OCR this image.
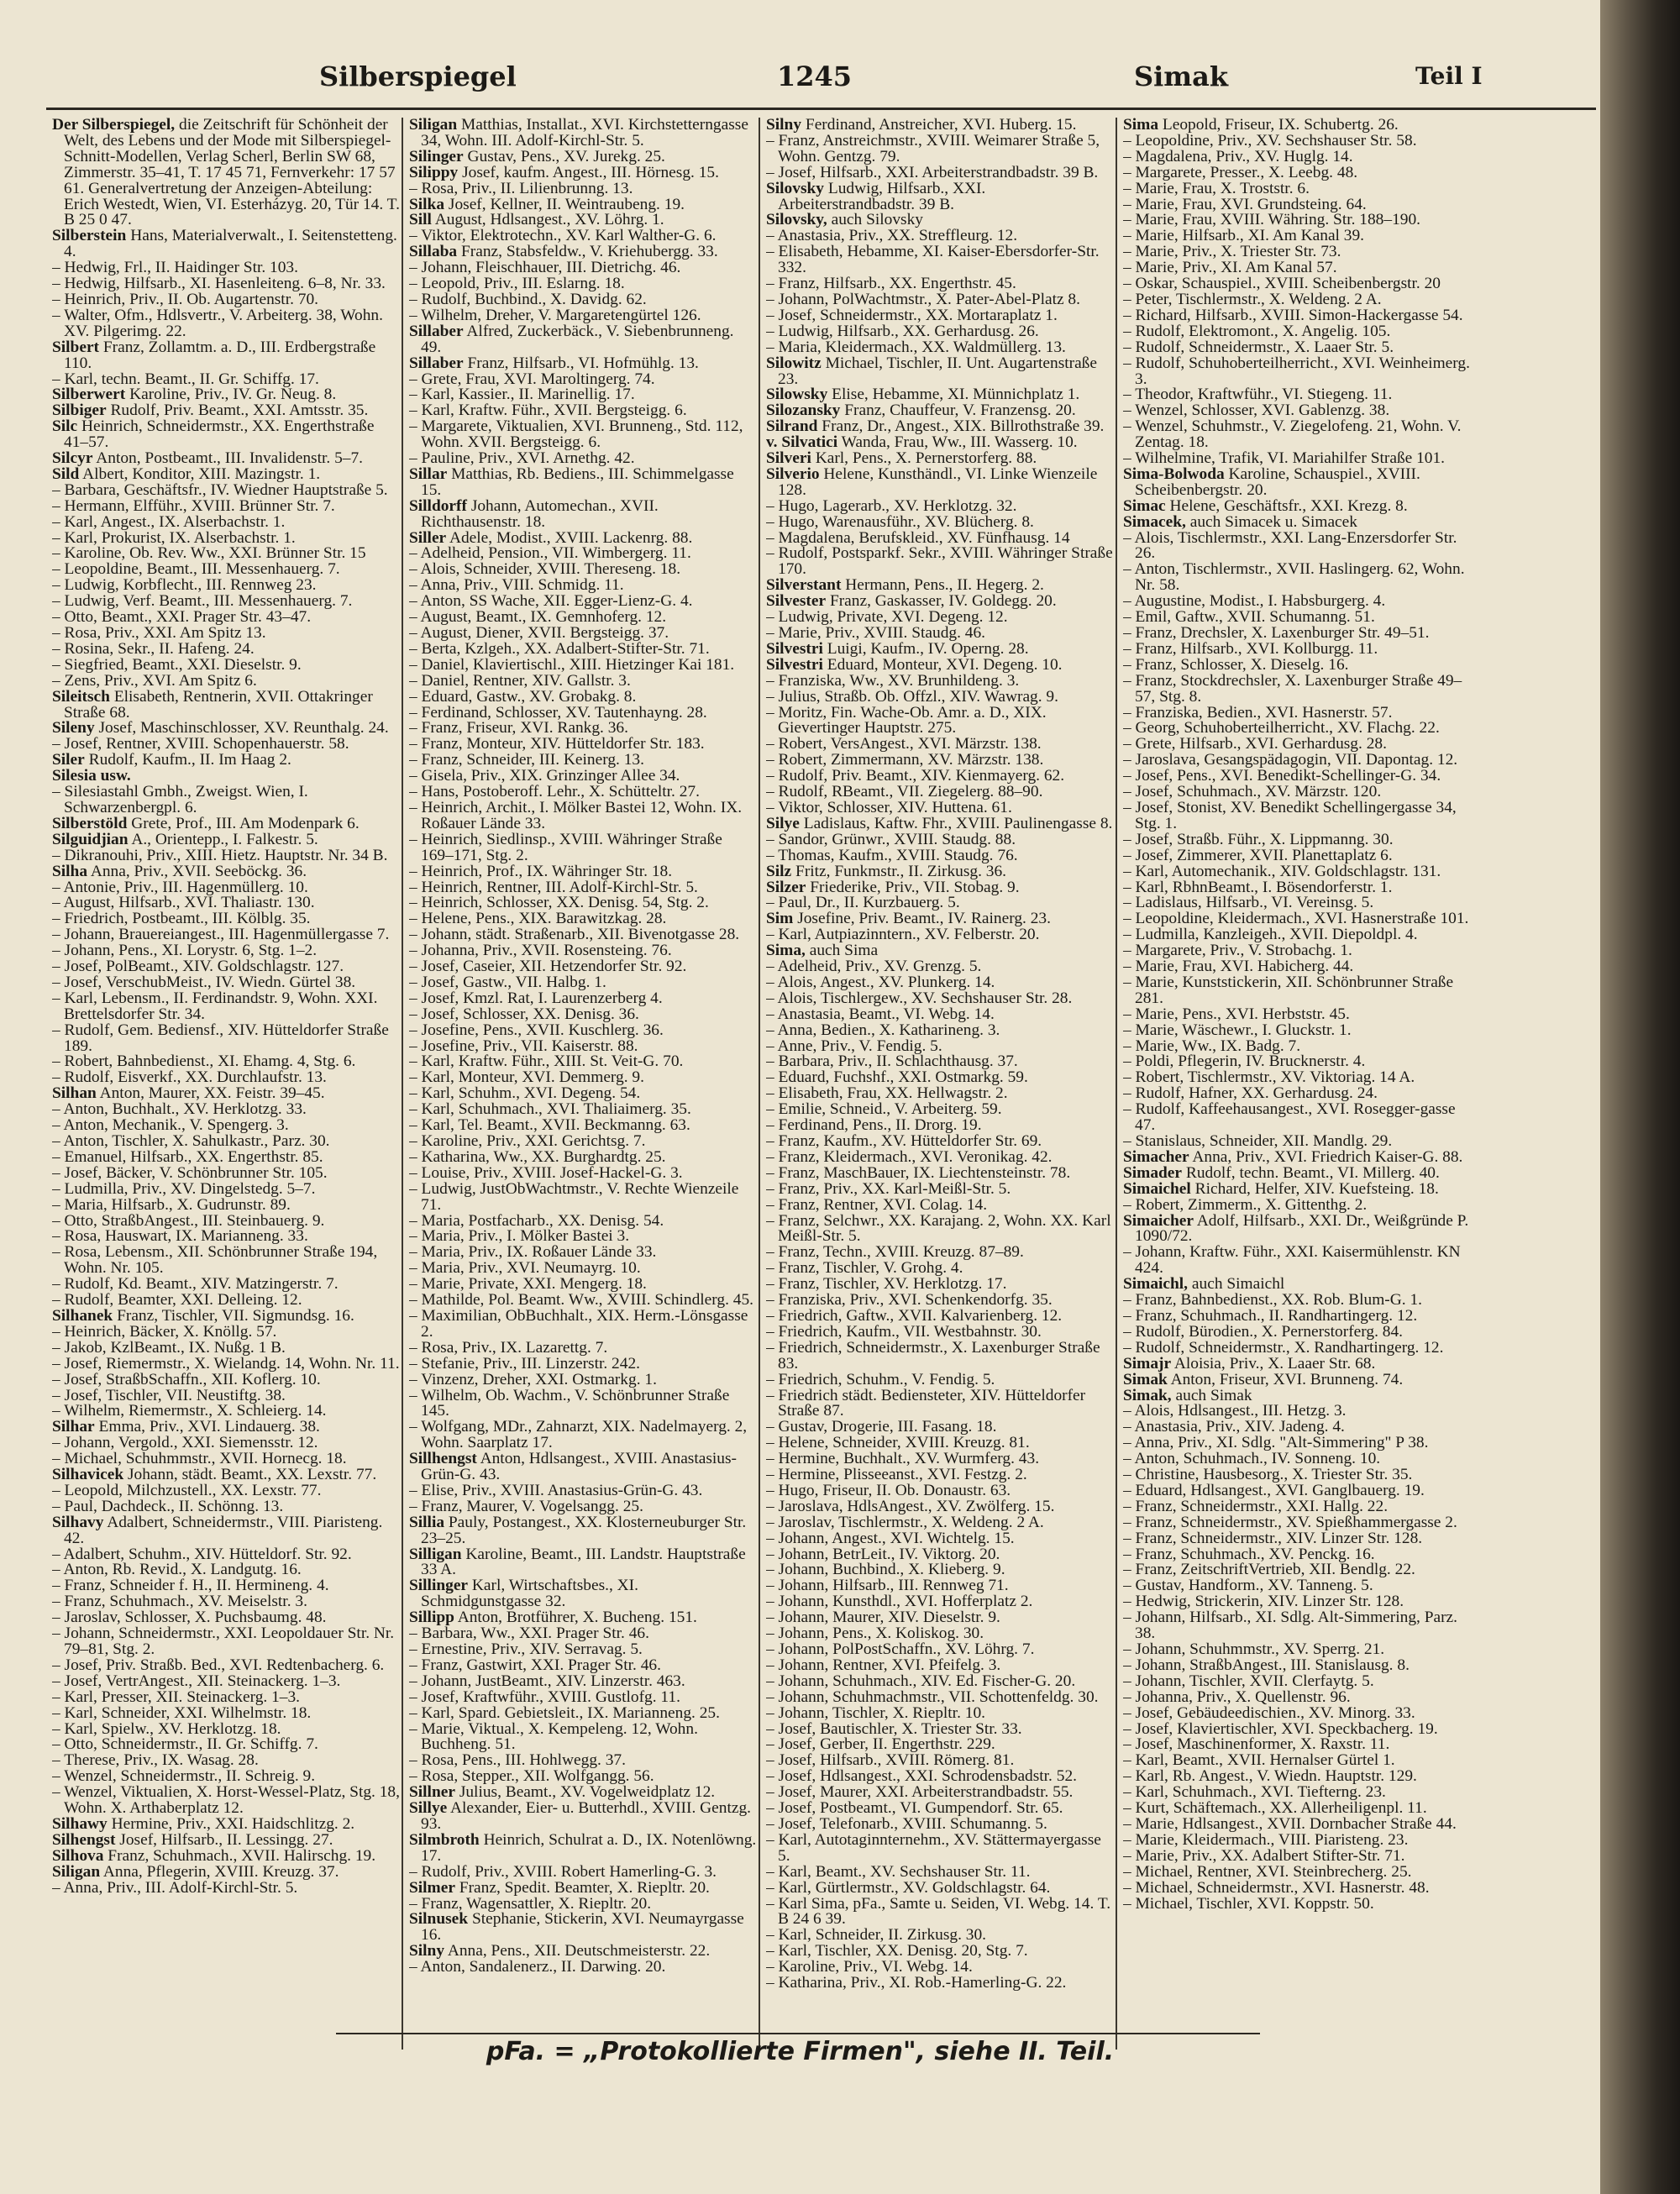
Silberspiegel	1245	Simak	Teil I
Der Silberspiegel, die Zeitschrift für Schönheit der Welt, des Lebens und der Mode mit Silberspiegel-Schnitt-Modellen, Verlag Scherl, Berlin SW 68, Zimmerstr. 35–41, T. 17 45 71, Fernverkehr: 17 57 61. Generalvertretung der Anzeigen-Abteilung: Erich Westedt, Wien, VI. Esterházyg. 20, Tür 14. T. B 25 0 47.
Silberstein Hans, Materialverwalt., I. Seitenstetteng. 4.
– Hedwig, Frl., II. Haidinger Str. 103.
– Hedwig, Hilfsarb., XI. Hasenleiteng. 6–8, Nr. 33.
– Heinrich, Priv., II. Ob. Augartenstr. 70.
– Walter, Ofm., Hdlsvertr., V. Arbeiterg. 38, Wohn. XV. Pilgerimg. 22.
Silbert Franz, Zollamtm. a. D., III. Erdbergstraße 110.
– Karl, techn. Beamt., II. Gr. Schiffg. 17.
Silberwert Karoline, Priv., IV. Gr. Neug. 8.
Silbiger Rudolf, Priv. Beamt., XXI. Amtsstr. 35.
Silc Heinrich, Schneidermstr., XX. Engerthstraße 41–57.
Silcyr Anton, Postbeamt., III. Invalidenstr. 5–7.
Sild Albert, Konditor, XIII. Mazingstr. 1.
– Barbara, Geschäftsfr., IV. Wiedner Hauptstraße 5.
– Hermann, Elfführ., XVIII. Brünner Str. 7.
– Karl, Angest., IX. Alserbachstr. 1.
– Karl, Prokurist, IX. Alserbachstr. 1.
– Karoline, Ob. Rev. Ww., XXI. Brünner Str. 15
– Leopoldine, Beamt., III. Messenhauerg. 7.
– Ludwig, Korbflecht., III. Rennweg 23.
– Ludwig, Verf. Beamt., III. Messenhauerg. 7.
– Otto, Beamt., XXI. Prager Str. 43–47.
– Rosa, Priv., XXI. Am Spitz 13.
– Rosina, Sekr., II. Hafeng. 24.
– Siegfried, Beamt., XXI. Dieselstr. 9.
– Zens, Priv., XVI. Am Spitz 6.
Sileitsch Elisabeth, Rentnerin, XVII. Ottakringer Straße 68.
Sileny Josef, Maschinschlosser, XV. Reunthalg. 24.
– Josef, Rentner, XVIII. Schopenhauerstr. 58.
Siler Rudolf, Kaufm., II. Im Haag 2.
Silesia usw.
– Silesiastahl Gmbh., Zweigst. Wien, I. Schwarzenbergpl. 6.
Silberstöld Grete, Prof., III. Am Modenpark 6.
Silguidjian A., Orientepp., I. Falkestr. 5.
– Dikranouhi, Priv., XIII. Hietz. Hauptstr. Nr. 34 B.
Silha Anna, Priv., XVII. Seeböckg. 36.
– Antonie, Priv., III. Hagenmüllerg. 10.
– August, Hilfsarb., XVI. Thaliastr. 130.
– Friedrich, Postbeamt., III. Kölblg. 35.
– Johann, Brauereiangest., III. Hagenmüllergasse 7.
– Johann, Pens., XI. Lorystr. 6, Stg. 1–2.
– Josef, PolBeamt., XIV. Goldschlagstr. 127.
– Josef, VerschubMeist., IV. Wiedn. Gürtel 38.
– Karl, Lebensm., II. Ferdinandstr. 9, Wohn. XXI. Brettelsdorfer Str. 34.
– Rudolf, Gem. Bediensf., XIV. Hütteldorfer Straße 189.
– Robert, Bahnbedienst., XI. Ehamg. 4, Stg. 6.
– Rudolf, Eisverkf., XX. Durchlaufstr. 13.
Silhan Anton, Maurer, XX. Feistr. 39–45.
– Anton, Buchhalt., XV. Herklotzg. 33.
– Anton, Mechanik., V. Spengerg. 3.
– Anton, Tischler, X. Sahulkastr., Parz. 30.
– Emanuel, Hilfsarb., XX. Engerthstr. 85.
– Josef, Bäcker, V. Schönbrunner Str. 105.
– Ludmilla, Priv., XV. Dingelstedg. 5–7.
– Maria, Hilfsarb., X. Gudrunstr. 89.
– Otto, StraßbAngest., III. Steinbauerg. 9.
– Rosa, Hauswart, IX. Marianneng. 33.
– Rosa, Lebensm., XII. Schönbrunner Straße 194, Wohn. Nr. 105.
– Rudolf, Kd. Beamt., XIV. Matzingerstr. 7.
– Rudolf, Beamter, XXI. Delleing. 12.
Silhanek Franz, Tischler, VII. Sigmundsg. 16.
– Heinrich, Bäcker, X. Knöllg. 57.
– Jakob, KzlBeamt., IX. Nußg. 1 B.
– Josef, Riemermstr., X. Wielandg. 14, Wohn. Nr. 11.
– Josef, StraßbSchaffn., XII. Koflerg. 10.
– Josef, Tischler, VII. Neustiftg. 38.
– Wilhelm, Riemermstr., X. Schleierg. 14.
Silhar Emma, Priv., XVI. Lindauerg. 38.
– Johann, Vergold., XXI. Siemensstr. 12.
– Michael, Schuhmmstr., XVII. Hornecg. 18.
Silhavicek Johann, städt. Beamt., XX. Lexstr. 77.
– Leopold, Milchzustell., XX. Lexstr. 77.
– Paul, Dachdeck., II. Schönng. 13.
Silhavy Adalbert, Schneidermstr., VIII. Piaristeng. 42.
– Adalbert, Schuhm., XIV. Hütteldorf. Str. 92.
– Anton, Rb. Revid., X. Landgutg. 16.
– Franz, Schneider f. H., II. Hermineng. 4.
– Franz, Schuhmach., XV. Meiselstr. 3.
– Jaroslav, Schlosser, X. Puchsbaumg. 48.
– Johann, Schneidermstr., XXI. Leopoldauer Str. Nr. 79–81, Stg. 2.
– Josef, Priv. Straßb. Bed., XVI. Redtenbacherg. 6.
– Josef, VertrAngest., XII. Steinackerg. 1–3.
– Karl, Presser, XII. Steinackerg. 1–3.
– Karl, Schneider, XXI. Wilhelmstr. 18.
– Karl, Spielw., XV. Herklotzg. 18.
– Otto, Schneidermstr., II. Gr. Schiffg. 7.
– Therese, Priv., IX. Wasag. 28.
– Wenzel, Schneidermstr., II. Schreig. 9.
– Wenzel, Viktualien, X. Horst-Wessel-Platz, Stg. 18, Wohn. X. Arthaberplatz 12.
Silhawy Hermine, Priv., XXI. Haidschlitzg. 2.
Silhengst Josef, Hilfsarb., II. Lessingg. 27.
Silhova Franz, Schuhmach., XVII. Halirschg. 19.
Siligan Anna, Pflegerin, XVIII. Kreuzg. 37.
– Anna, Priv., III. Adolf-Kirchl-Str. 5.
Siligan Matthias, Installat., XVI. Kirchstetterngasse 34, Wohn. III. Adolf-Kirchl-Str. 5.
Silinger Gustav, Pens., XV. Jurekg. 25.
Silippy Josef, kaufm. Angest., III. Hörnesg. 15.
– Rosa, Priv., II. Lilienbrunng. 13.
Silka Josef, Kellner, II. Weintraubeng. 19.
Sill August, Hdlsangest., XV. Löhrg. 1.
– Viktor, Elektrotechn., XV. Karl Walther-G. 6.
Sillaba Franz, Stabsfeldw., V. Kriehubergg. 33.
– Johann, Fleischhauer, III. Dietrichg. 46.
– Leopold, Priv., III. Eslarng. 18.
– Rudolf, Buchbind., X. Davidg. 62.
– Wilhelm, Dreher, V. Margaretengürtel 126.
Sillaber Alfred, Zuckerbäck., V. Siebenbrunneng. 49.
Sillaber Franz, Hilfsarb., VI. Hofmühlg. 13.
– Grete, Frau, XVI. Maroltingerg. 74.
– Karl, Kassier., II. Marinellig. 17.
– Karl, Kraftw. Führ., XVII. Bergsteigg. 6.
– Margarete, Viktualien, XVI. Brunneng., Std. 112, Wohn. XVII. Bergsteigg. 6.
– Pauline, Priv., XVI. Arnethg. 42.
Sillar Matthias, Rb. Bediens., III. Schimmelgasse 15.
Silldorff Johann, Automechan., XVII. Richthausenstr. 18.
Siller Adele, Modist., XVIII. Lackenrg. 88.
– Adelheid, Pension., VII. Wimbergerg. 11.
– Alois, Schneider, XVIII. Thereseng. 18.
– Anna, Priv., VIII. Schmidg. 11.
– Anton, SS Wache, XII. Egger-Lienz-G. 4.
– August, Beamt., IX. Gemnhoferg. 12.
– August, Diener, XVII. Bergsteigg. 37.
– Berta, Kzlgeh., XX. Adalbert-Stifter-Str. 71.
– Daniel, Klaviertischl., XIII. Hietzinger Kai 181.
– Daniel, Rentner, XIV. Gallstr. 3.
– Eduard, Gastw., XV. Grobakg. 8.
– Ferdinand, Schlosser, XV. Tautenhayng. 28.
– Franz, Friseur, XVI. Rankg. 36.
– Franz, Monteur, XIV. Hütteldorfer Str. 183.
– Franz, Schneider, III. Keinerg. 13.
– Gisela, Priv., XIX. Grinzinger Allee 34.
– Hans, Postoberoff. Lehr., X. Schütteltr. 27.
– Heinrich, Archit., I. Mölker Bastei 12, Wohn. IX. Roßauer Lände 33.
– Heinrich, Siedlinsp., XVIII. Währinger Straße 169–171, Stg. 2.
– Heinrich, Prof., IX. Währinger Str. 18.
– Heinrich, Rentner, III. Adolf-Kirchl-Str. 5.
– Heinrich, Schlosser, XX. Denisg. 54, Stg. 2.
– Helene, Pens., XIX. Barawitzkag. 28.
– Johann, städt. Straßenarb., XII. Bivenotgasse 28.
– Johanna, Priv., XVII. Rosensteing. 76.
– Josef, Caseier, XII. Hetzendorfer Str. 92.
– Josef, Gastw., VII. Halbg. 1.
– Josef, Kmzl. Rat, I. Laurenzerberg 4.
– Josef, Schlosser, XX. Denisg. 36.
– Josefine, Pens., XVII. Kuschlerg. 36.
– Josefine, Priv., VII. Kaiserstr. 88.
– Karl, Kraftw. Führ., XIII. St. Veit-G. 70.
– Karl, Monteur, XVI. Demmerg. 9.
– Karl, Schuhm., XVI. Degeng. 54.
– Karl, Schuhmach., XVI. Thaliaimerg. 35.
– Karl, Tel. Beamt., XVII. Beckmanng. 63.
– Karoline, Priv., XXI. Gerichtsg. 7.
– Katharina, Ww., XX. Burghardtg. 25.
– Louise, Priv., XVIII. Josef-Hackel-G. 3.
– Ludwig, JustObWachtmstr., V. Rechte Wienzeile 71.
– Maria, Postfacharb., XX. Denisg. 54.
– Maria, Priv., I. Mölker Bastei 3.
– Maria, Priv., IX. Roßauer Lände 33.
– Maria, Priv., XVI. Neumayrg. 10.
– Marie, Private, XXI. Mengerg. 18.
– Mathilde, Pol. Beamt. Ww., XVIII. Schindlerg. 45.
– Maximilian, ObBuchhalt., XIX. Herm.-Lönsgasse 2.
– Rosa, Priv., IX. Lazarettg. 7.
– Stefanie, Priv., III. Linzerstr. 242.
– Vinzenz, Dreher, XXI. Ostmarkg. 1.
– Wilhelm, Ob. Wachm., V. Schönbrunner Straße 145.
– Wolfgang, MDr., Zahnarzt, XIX. Nadelmayerg. 2, Wohn. Saarplatz 17.
Sillhengst Anton, Hdlsangest., XVIII. Anastasius-Grün-G. 43.
– Elise, Priv., XVIII. Anastasius-Grün-G. 43.
– Franz, Maurer, V. Vogelsangg. 25.
Sillia Pauly, Postangest., XX. Klosterneuburger Str. 23–25.
Silligan Karoline, Beamt., III. Landstr. Hauptstraße 33 A.
Sillinger Karl, Wirtschaftsbes., XI. Schmidgunstgasse 32.
Sillipp Anton, Brotführer, X. Bucheng. 151.
– Barbara, Ww., XXI. Prager Str. 46.
– Ernestine, Priv., XIV. Serravag. 5.
– Franz, Gastwirt, XXI. Prager Str. 46.
– Johann, JustBeamt., XIV. Linzerstr. 463.
– Josef, Kraftwführ., XVIII. Gustlofg. 11.
– Karl, Spard. Gebietsleit., IX. Marianneng. 25.
– Marie, Viktual., X. Kempeleng. 12, Wohn. Buchheng. 51.
– Rosa, Pens., III. Hohlwegg. 37.
– Rosa, Stepper., XII. Wolfgangg. 56.
Sillner Julius, Beamt., XV. Vogelweidplatz 12.
Sillye Alexander, Eier- u. Butterhdl., XVIII. Gentzg. 93.
Silmbroth Heinrich, Schulrat a. D., IX. Notenlöwng. 17.
– Rudolf, Priv., XVIII. Robert Hamerling-G. 3.
Silmer Franz, Spedit. Beamter, X. Riepltr. 20.
– Franz, Wagensattler, X. Riepltr. 20.
Silnusek Stephanie, Stickerin, XVI. Neumayrgasse 16.
Silny Anna, Pens., XII. Deutschmeisterstr. 22.
– Anton, Sandalenerz., II. Darwing. 20.
Silny Ferdinand, Anstreicher, XVI. Huberg. 15.
– Franz, Anstreichmstr., XVIII. Weimarer Straße 5, Wohn. Gentzg. 79.
– Josef, Hilfsarb., XXI. Arbeiterstrandbadstr. 39 B.
Silovsky Ludwig, Hilfsarb., XXI. Arbeiterstrandbadstr. 39 B.
Silovsky, auch Silovsky
– Anastasia, Priv., XX. Streffleurg. 12.
– Elisabeth, Hebamme, XI. Kaiser-Ebersdorfer-Str. 332.
– Franz, Hilfsarb., XX. Engerthstr. 45.
– Johann, PolWachtmstr., X. Pater-Abel-Platz 8.
– Josef, Schneidermstr., XX. Mortaraplatz 1.
– Ludwig, Hilfsarb., XX. Gerhardusg. 26.
– Maria, Kleidermach., XX. Waldmüllerg. 13.
Silowitz Michael, Tischler, II. Unt. Augartenstraße 23.
Silowsky Elise, Hebamme, XI. Münnichplatz 1.
Silozansky Franz, Chauffeur, V. Franzensg. 20.
Silrand Franz, Dr., Angest., XIX. Billrothstraße 39.
v. Silvatici Wanda, Frau, Ww., III. Wasserg. 10.
Silveri Karl, Pens., X. Pernerstorferg. 88.
Silverio Helene, Kunsthändl., VI. Linke Wienzeile 128.
– Hugo, Lagerarb., XV. Herklotzg. 32.
– Hugo, Warenausführ., XV. Blücherg. 8.
– Magdalena, Berufskleid., XV. Fünfhausg. 14
– Rudolf, Postsparkf. Sekr., XVIII. Währinger Straße 170.
Silverstant Hermann, Pens., II. Hegerg. 2.
Silvester Franz, Gaskasser, IV. Goldegg. 20.
– Ludwig, Private, XVI. Degeng. 12.
– Marie, Priv., XVIII. Staudg. 46.
Silvestri Luigi, Kaufm., IV. Operng. 28.
Silvestri Eduard, Monteur, XVI. Degeng. 10.
– Franziska, Ww., XV. Brunhildeng. 3.
– Julius, Straßb. Ob. Offzl., XIV. Wawrag. 9.
– Moritz, Fin. Wache-Ob. Amr. a. D., XIX. Gievertinger Hauptstr. 275.
– Robert, VersAngest., XVI. Märzstr. 138.
– Robert, Zimmermann, XV. Märzstr. 138.
– Rudolf, Priv. Beamt., XIV. Kienmayerg. 62.
– Rudolf, RBeamt., VII. Ziegelerg. 88–90.
– Viktor, Schlosser, XIV. Huttena. 61.
Silye Ladislaus, Kaftw. Fhr., XVIII. Paulinengasse 8.
– Sandor, Grünwr., XVIII. Staudg. 88.
– Thomas, Kaufm., XVIII. Staudg. 76.
Silz Fritz, Funkmstr., II. Zirkusg. 36.
Silzer Friederike, Priv., VII. Stobag. 9.
– Paul, Dr., II. Kurzbauerg. 5.
Sim Josefine, Priv. Beamt., IV. Rainerg. 23.
– Karl, Autpiazinntern., XV. Felberstr. 20.
Sima, auch Sima
– Adelheid, Priv., XV. Grenzg. 5.
– Alois, Angest., XV. Plunkerg. 14.
– Alois, Tischlergew., XV. Sechshauser Str. 28.
– Anastasia, Beamt., VI. Webg. 14.
– Anna, Bedien., X. Katharineng. 3.
– Anne, Priv., V. Fendig. 5.
– Barbara, Priv., II. Schlachthausg. 37.
– Eduard, Fuchshf., XXI. Ostmarkg. 59.
– Elisabeth, Frau, XX. Hellwagstr. 2.
– Emilie, Schneid., V. Arbeiterg. 59.
– Ferdinand, Pens., II. Drorg. 19.
– Franz, Kaufm., XV. Hütteldorfer Str. 69.
– Franz, Kleidermach., XVI. Veronikag. 42.
– Franz, MaschBauer, IX. Liechtensteinstr. 78.
– Franz, Priv., XX. Karl-Meißl-Str. 5.
– Franz, Rentner, XVI. Colag. 14.
– Franz, Selchwr., XX. Karajang. 2, Wohn. XX. Karl Meißl-Str. 5.
– Franz, Techn., XVIII. Kreuzg. 87–89.
– Franz, Tischler, V. Grohg. 4.
– Franz, Tischler, XV. Herklotzg. 17.
– Franziska, Priv., XVI. Schenkendorfg. 35.
– Friedrich, Gaftw., XVII. Kalvarienberg. 12.
– Friedrich, Kaufm., VII. Westbahnstr. 30.
– Friedrich, Schneidermstr., X. Laxenburger Straße 83.
– Friedrich, Schuhm., V. Fendig. 5.
– Friedrich städt. Bediensteter, XIV. Hütteldorfer Straße 87.
– Gustav, Drogerie, III. Fasang. 18.
– Helene, Schneider, XVIII. Kreuzg. 81.
– Hermine, Buchhalt., XV. Wurmferg. 43.
– Hermine, Plisseeanst., XVI. Festzg. 2.
– Hugo, Friseur, II. Ob. Donaustr. 63.
– Jaroslava, HdlsAngest., XV. Zwölferg. 15.
– Jaroslav, Tischlermstr., X. Weldeng. 2 A.
– Johann, Angest., XVI. Wichtelg. 15.
– Johann, BetrLeit., IV. Viktorg. 20.
– Johann, Buchbind., X. Klieberg. 9.
– Johann, Hilfsarb., III. Rennweg 71.
– Johann, Kunsthdl., XVI. Hofferplatz 2.
– Johann, Maurer, XIV. Dieselstr. 9.
– Johann, Pens., X. Koliskog. 30.
– Johann, PolPostSchaffn., XV. Löhrg. 7.
– Johann, Rentner, XVI. Pfeifelg. 3.
– Johann, Schuhmach., XIV. Ed. Fischer-G. 20.
– Johann, Schuhmachmstr., VII. Schottenfeldg. 30.
– Johann, Tischler, X. Riepltr. 10.
– Josef, Bautischler, X. Triester Str. 33.
– Josef, Gerber, II. Engerthstr. 229.
– Josef, Hilfsarb., XVIII. Römerg. 81.
– Josef, Hdlsangest., XXI. Schrodensbadstr. 52.
– Josef, Maurer, XXI. Arbeiterstrandbadstr. 55.
– Josef, Postbeamt., VI. Gumpendorf. Str. 65.
– Josef, Telefonarb., XVIII. Schumanng. 5.
– Karl, Autotaginnternehm., XV. Stättermayergasse 5.
– Karl, Beamt., XV. Sechshauser Str. 11.
– Karl, Gürtlermstr., XV. Goldschlagstr. 64.
– Karl Sima, pFa., Samte u. Seiden, VI. Webg. 14. T. B 24 6 39.
– Karl, Schneider, II. Zirkusg. 30.
– Karl, Tischler, XX. Denisg. 20, Stg. 7.
– Karoline, Priv., VI. Webg. 14.
– Katharina, Priv., XI. Rob.-Hamerling-G. 22.
Sima Leopold, Friseur, IX. Schubertg. 26.
– Leopoldine, Priv., XV. Sechshauser Str. 58.
– Magdalena, Priv., XV. Huglg. 14.
– Margarete, Presser., X. Leebg. 48.
– Marie, Frau, X. Troststr. 6.
– Marie, Frau, XVI. Grundsteing. 64.
– Marie, Frau, XVIII. Währing. Str. 188–190.
– Marie, Hilfsarb., XI. Am Kanal 39.
– Marie, Priv., X. Triester Str. 73.
– Marie, Priv., XI. Am Kanal 57.
– Oskar, Schauspiel., XVIII. Scheibenbergstr. 20
– Peter, Tischlermstr., X. Weldeng. 2 A.
– Richard, Hilfsarb., XVIII. Simon-Hackergasse 54.
– Rudolf, Elektromont., X. Angelig. 105.
– Rudolf, Schneidermstr., X. Laaer Str. 5.
– Rudolf, Schuhoberteilherricht., XVI. Weinheimerg. 3.
– Theodor, Kraftwführ., VI. Stiegeng. 11.
– Wenzel, Schlosser, XVI. Gablenzg. 38.
– Wenzel, Schuhmstr., V. Ziegelofeng. 21, Wohn. V. Zentag. 18.
– Wilhelmine, Trafik, VI. Mariahilfer Straße 101.
Sima-Bolwoda Karoline, Schauspiel., XVIII. Scheibenbergstr. 20.
Simac Helene, Geschäftsfr., XXI. Krezg. 8.
Simacek, auch Simacek u. Simacek
– Alois, Tischlermstr., XXI. Lang-Enzersdorfer Str. 26.
– Anton, Tischlermstr., XVII. Haslingerg. 62, Wohn. Nr. 58.
– Augustine, Modist., I. Habsburgerg. 4.
– Emil, Gaftw., XVII. Schumanng. 51.
– Franz, Drechsler, X. Laxenburger Str. 49–51.
– Franz, Hilfsarb., XVI. Kollburgg. 11.
– Franz, Schlosser, X. Dieselg. 16.
– Franz, Stockdrechsler, X. Laxenburger Straße 49–57, Stg. 8.
– Franziska, Bedien., XVI. Hasnerstr. 57.
– Georg, Schuhoberteilherricht., XV. Flachg. 22.
– Grete, Hilfsarb., XVI. Gerhardusg. 28.
– Jaroslava, Gesangspädagogin, VII. Dapontag. 12.
– Josef, Pens., XVI. Benedikt-Schellinger-G. 34.
– Josef, Schuhmach., XV. Märzstr. 120.
– Josef, Stonist, XV. Benedikt Schellingergasse 34, Stg. 1.
– Josef, Straßb. Führ., X. Lippmanng. 30.
– Josef, Zimmerer, XVII. Planettaplatz 6.
– Karl, Automechanik., XIV. Goldschlagstr. 131.
– Karl, RbhnBeamt., I. Bösendorferstr. 1.
– Ladislaus, Hilfsarb., VI. Vereinsg. 5.
– Leopoldine, Kleidermach., XVI. Hasnerstraße 101.
– Ludmilla, Kanzleigeh., XVII. Diepoldpl. 4.
– Margarete, Priv., V. Strobachg. 1.
– Marie, Frau, XVI. Habicherg. 44.
– Marie, Kunststickerin, XII. Schönbrunner Straße 281.
– Marie, Pens., XVI. Herbststr. 45.
– Marie, Wäschewr., I. Gluckstr. 1.
– Marie, Ww., IX. Badg. 7.
– Poldi, Pflegerin, IV. Brucknerstr. 4.
– Robert, Tischlermstr., XV. Viktoriag. 14 A.
– Rudolf, Hafner, XX. Gerhardusg. 24.
– Rudolf, Kaffeehausangest., XVI. Rosegger-gasse 47.
– Stanislaus, Schneider, XII. Mandlg. 29.
Simacher Anna, Priv., XVI. Friedrich Kaiser-G. 88.
Simader Rudolf, techn. Beamt., VI. Millerg. 40.
Simaichel Richard, Helfer, XIV. Kuefsteing. 18.
– Robert, Zimmerm., X. Gittenthg. 2.
Simaicher Adolf, Hilfsarb., XXI. Dr., Weißgründe P. 1090/72.
– Johann, Kraftw. Führ., XXI. Kaisermühlenstr. KN 424.
Simaichl, auch Simaichl
– Franz, Bahnbedienst., XX. Rob. Blum-G. 1.
– Franz, Schuhmach., II. Randhartingerg. 12.
– Rudolf, Bürodien., X. Pernerstorferg. 84.
– Rudolf, Schneidermstr., X. Randhartingerg. 12.
Simajr Aloisia, Priv., X. Laaer Str. 68.
Simak Anton, Friseur, XVI. Brunneng. 74.
Simak, auch Simak
– Alois, Hdlsangest., III. Hetzg. 3.
– Anastasia, Priv., XIV. Jadeng. 4.
– Anna, Priv., XI. Sdlg. "Alt-Simmering" P 38.
– Anton, Schuhmach., IV. Sonneng. 10.
– Christine, Hausbesorg., X. Triester Str. 35.
– Eduard, Hdlsangest., XVI. Ganglbauerg. 19.
– Franz, Schneidermstr., XXI. Hallg. 22.
– Franz, Schneidermstr., XV. Spießhammergasse 2.
– Franz, Schneidermstr., XIV. Linzer Str. 128.
– Franz, Schuhmach., XV. Penckg. 16.
– Franz, ZeitschriftVertrieb, XII. Bendlg. 22.
– Gustav, Handform., XV. Tanneng. 5.
– Hedwig, Strickerin, XIV. Linzer Str. 128.
– Johann, Hilfsarb., XI. Sdlg. Alt-Simmering, Parz. 38.
– Johann, Schuhmmstr., XV. Sperrg. 21.
– Johann, StraßbAngest., III. Stanislausg. 8.
– Johann, Tischler, XVII. Clerfaytg. 5.
– Johanna, Priv., X. Quellenstr. 96.
– Josef, Gebäudeedischien., XV. Minorg. 33.
– Josef, Klaviertischler, XVI. Speckbacherg. 19.
– Josef, Maschinenformer, X. Raxstr. 11.
– Karl, Beamt., XVII. Hernalser Gürtel 1.
– Karl, Rb. Angest., V. Wiedn. Hauptstr. 129.
– Karl, Schuhmach., XVI. Tiefterng. 23.
– Kurt, Schäftemach., XX. Allerheiligenpl. 11.
– Marie, Hdlsangest., XVII. Dornbacher Straße 44.
– Marie, Kleidermach., VIII. Piaristeng. 23.
– Marie, Priv., XX. Adalbert Stifter-Str. 71.
– Michael, Rentner, XVI. Steinbrecherg. 25.
– Michael, Schneidermstr., XVI. Hasnerstr. 48.
– Michael, Tischler, XVI. Koppstr. 50.
pFa. = „Protokollierte Firmen", siehe II. Teil.
